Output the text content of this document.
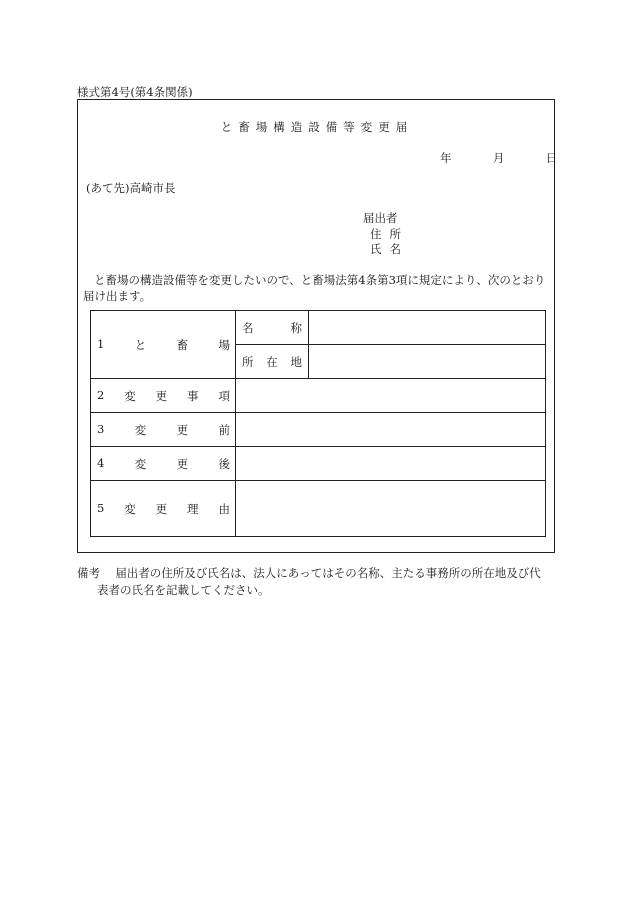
様式第4号(第4条関係)
と畜場構造設備等変更届
年	月	日
(あて先)高崎市長
届出者
住所
氏名
と畜場の構造設備等を変更したいので、と畜場法第4条第3項に規定により、次のとおり届け出ます。
1 と 畜 場	名 称	

	所 在 地	

2 変 更 事 項		

3 変 更 前		

4 変 更 後		

5 変 更 理 由		

備考 届出者の住所及び氏名は、法人にあってはその名称、主たる事務所の所在地及び代
表者の氏名を記載してください。
